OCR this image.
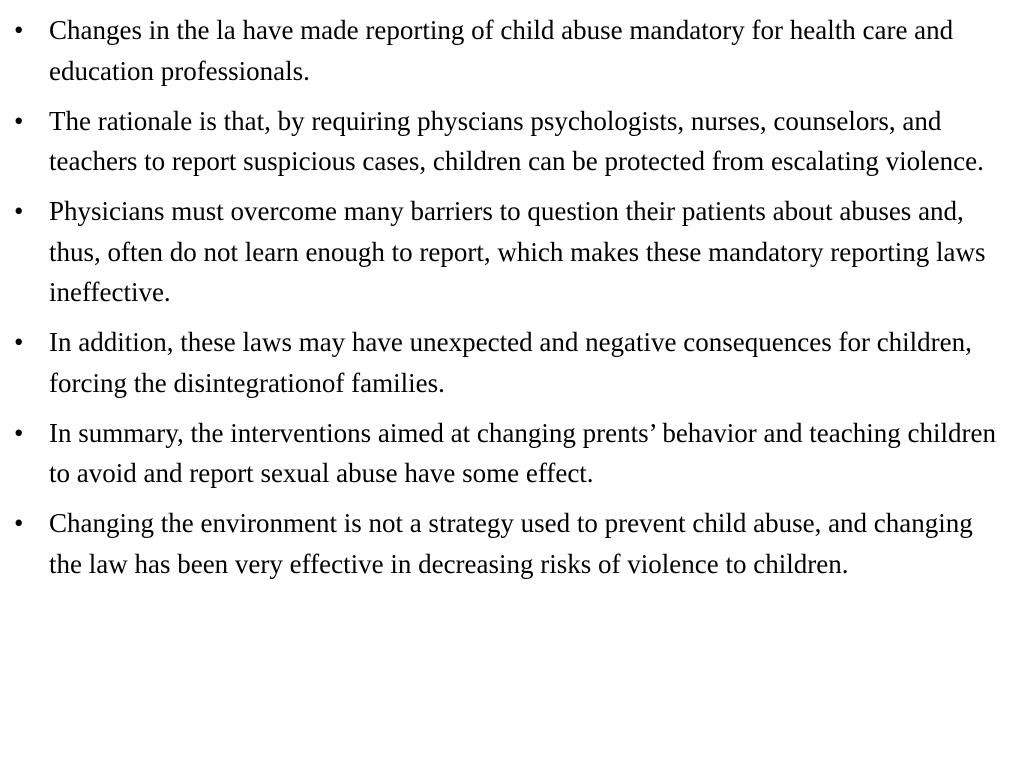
• Changes in the la have made reporting of child abuse mandatory for health care and education professionals.
• The rationale is that, by requiring physcians psychologists, nurses, counselors, and teachers to report suspicious cases, children can be protected from escalating violence.
• Physicians must overcome many barriers to question their patients about abuses and, thus, often do not learn enough to report, which makes these mandatory reporting laws ineffective.
• In addition, these laws may have unexpected and negative consequences for children, forcing the disintegrationof families.
• In summary, the interventions aimed at changing prents’ behavior and teaching children to avoid and report sexual abuse have some effect.
• Changing the environment is not a strategy used to prevent child abuse, and changing the law has been very effective in decreasing risks of violence to children.
